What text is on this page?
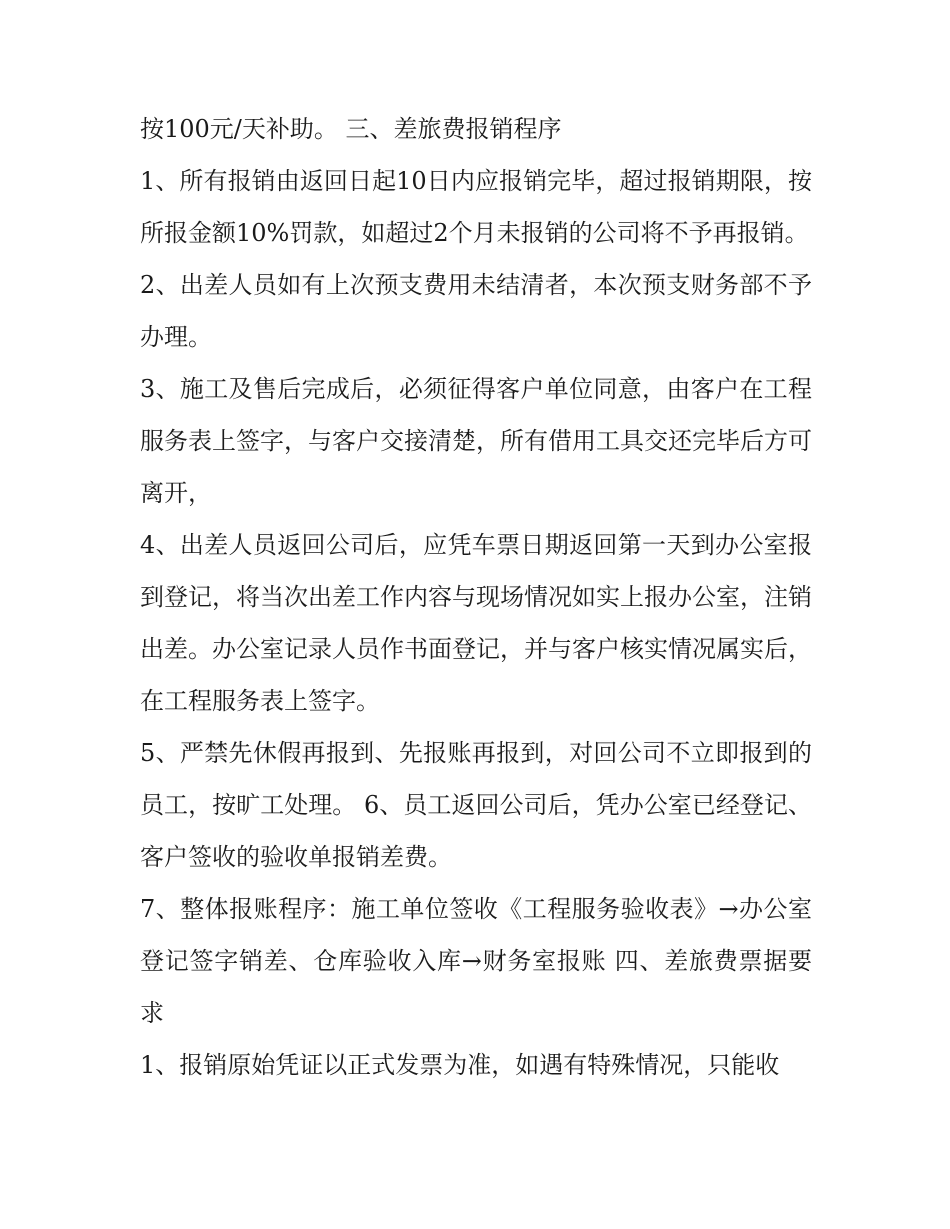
按100元/天补助。 三、差旅费报销程序

1、所有报销由返回日起10日内应报销完毕，超过报销期限，按所报金额10%罚款，如超过2个月未报销的公司将不予再报销。

2、出差人员如有上次预支费用未结清者，本次预支财务部不予办理。

3、施工及售后完成后，必须征得客户单位同意，由客户在工程服务表上签字，与客户交接清楚，所有借用工具交还完毕后方可离开，

4、出差人员返回公司后，应凭车票日期返回第一天到办公室报到登记，将当次出差工作内容与现场情况如实上报办公室，注销出差。办公室记录人员作书面登记，并与客户核实情况属实后，在工程服务表上签字。

5、严禁先休假再报到、先报账再报到，对回公司不立即报到的员工，按旷工处理。 6、员工返回公司后，凭办公室已经登记、客户签收的验收单报销差费。

7、整体报账程序：施工单位签收《工程服务验收表》→办公室登记签字销差、仓库验收入库→财务室报账 四、差旅费票据要求

1、报销原始凭证以正式发票为准，如遇有特殊情况，只能收
